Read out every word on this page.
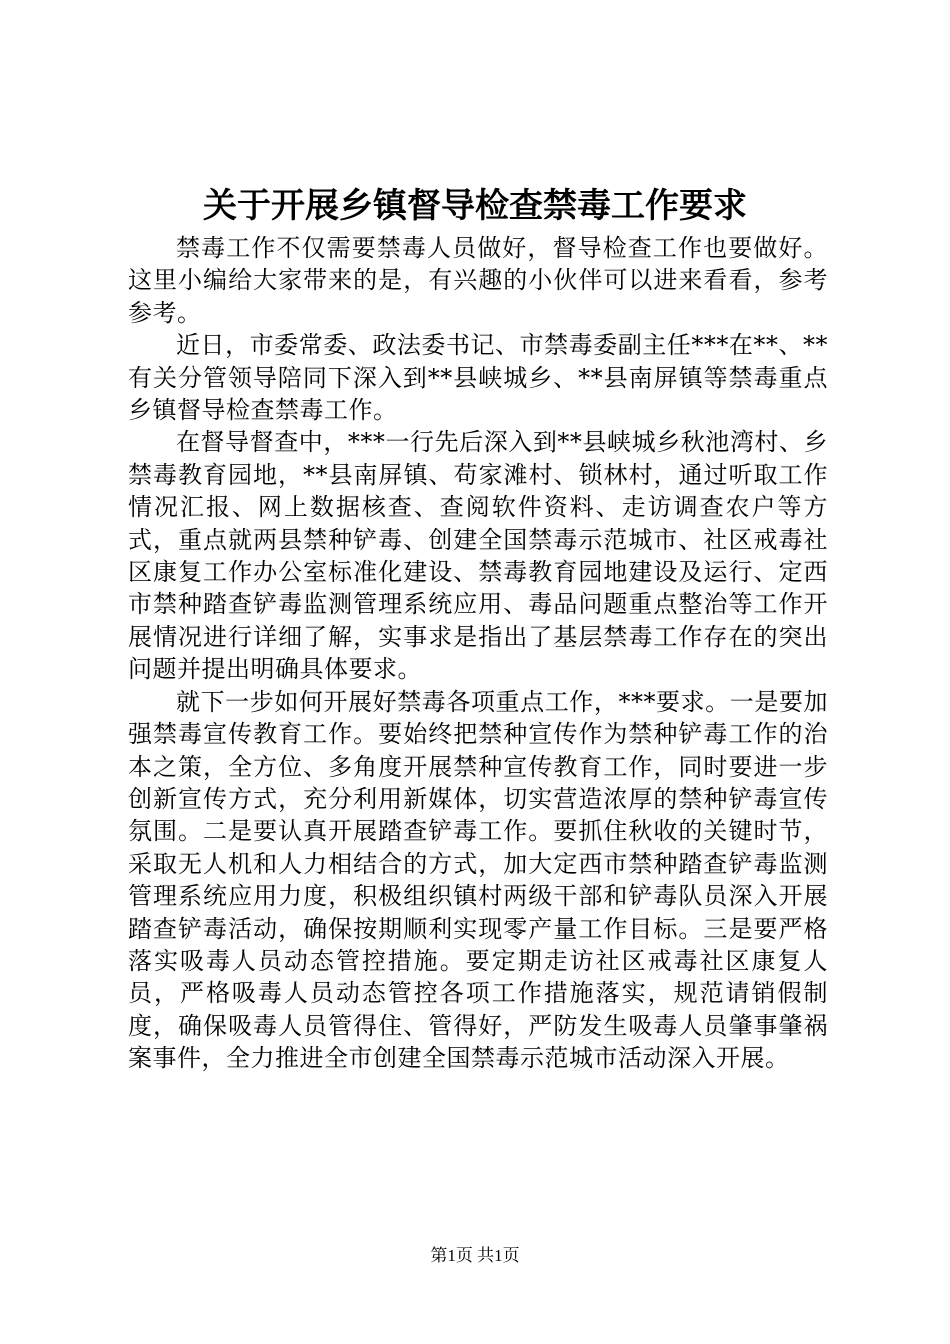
关于开展乡镇督导检查禁毒工作要求

禁毒工作不仅需要禁毒人员做好，督导检查工作也要做好。这里小编给大家带来的是，有兴趣的小伙伴可以进来看看，参考参考。

近日，市委常委、政法委书记、市禁毒委副主任***在**、**有关分管领导陪同下深入到**县峡城乡、**县南屏镇等禁毒重点乡镇督导检查禁毒工作。

在督导督查中，***一行先后深入到**县峡城乡秋池湾村、乡禁毒教育园地，**县南屏镇、苟家滩村、锁林村，通过听取工作情况汇报、网上数据核查、查阅软件资料、走访调查农户等方式，重点就两县禁种铲毒、创建全国禁毒示范城市、社区戒毒社区康复工作办公室标准化建设、禁毒教育园地建设及运行、定西市禁种踏查铲毒监测管理系统应用、毒品问题重点整治等工作开展情况进行详细了解，实事求是指出了基层禁毒工作存在的突出问题并提出明确具体要求。

就下一步如何开展好禁毒各项重点工作，***要求。一是要加强禁毒宣传教育工作。要始终把禁种宣传作为禁种铲毒工作的治本之策，全方位、多角度开展禁种宣传教育工作，同时要进一步创新宣传方式，充分利用新媒体，切实营造浓厚的禁种铲毒宣传氛围。二是要认真开展踏查铲毒工作。要抓住秋收的关键时节，采取无人机和人力相结合的方式，加大定西市禁种踏查铲毒监测管理系统应用力度，积极组织镇村两级干部和铲毒队员深入开展踏查铲毒活动，确保按期顺利实现零产量工作目标。三是要严格落实吸毒人员动态管控措施。要定期走访社区戒毒社区康复人员，严格吸毒人员动态管控各项工作措施落实，规范请销假制度，确保吸毒人员管得住、管得好，严防发生吸毒人员肇事肇祸案事件，全力推进全市创建全国禁毒示范城市活动深入开展。

第1页 共1页
